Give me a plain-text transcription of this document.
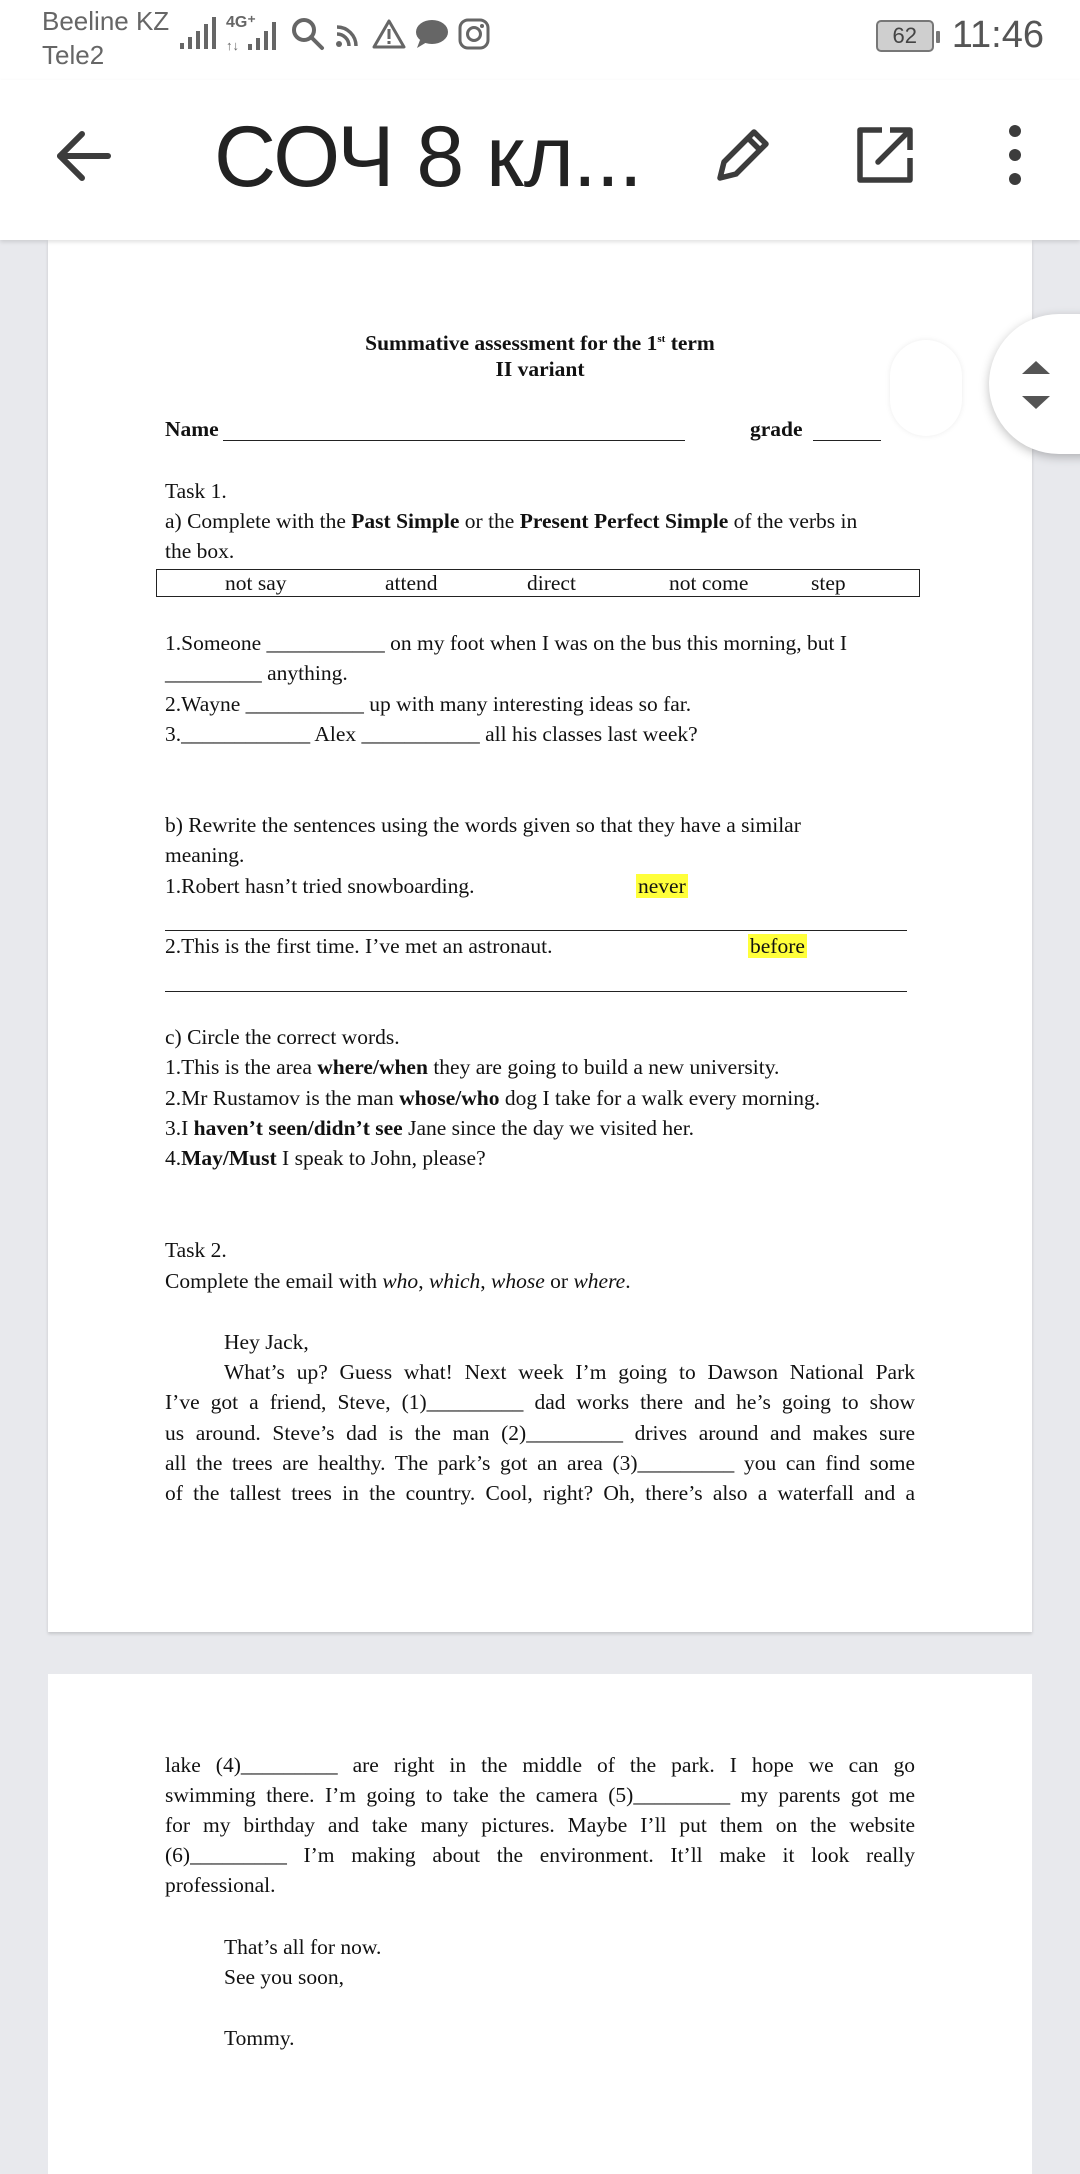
Beeline KZ
Tele2
4G⁺
↑↓	62 11:46
СОЧ 8 кл...
Summative assessment for the 1st term
II variant
Name	grade
Task 1.
a) Complete with the Past Simple or the Present Perfect Simple of the verbs in
the box.
not say	attend	direct	not come	step
1.Someone ___________ on my foot when I was on the bus this morning, but I
_________ anything.
2.Wayne ___________ up with many interesting ideas so far.
3.____________ Alex ___________ all his classes last week?
b) Rewrite the sentences using the words given so that they have a similar
meaning.
1.Robert hasn’t tried snowboarding.	never
2.This is the first time. I’ve met an astronaut.	before
c) Circle the correct words.
1.This is the area where/when they are going to build a new university.
2.Mr Rustamov is the man whose/who dog I take for a walk every morning.
3.I haven’t seen/didn’t see Jane since the day we visited her.
4.May/Must I speak to John, please?
Task 2.
Complete the email with who, which, whose or where.
Hey Jack,
What’s up? Guess what! Next week I’m going to Dawson National Park
I’ve got a friend, Steve, (1)_________ dad works there and he’s going to show
us around. Steve’s dad is the man (2)_________ drives around and makes sure
all the trees are healthy. The park’s got an area (3)_________ you can find some
of the tallest trees in the country. Cool, right? Oh, there’s also a waterfall and a
lake (4)_________ are right in the middle of the park. I hope we can go
swimming there. I’m going to take the camera (5)_________ my parents got me
for my birthday and take many pictures. Maybe I’ll put them on the website
(6)_________ I’m making about the environment. It’ll make it look really
professional.
That’s all for now.
See you soon,
Tommy.
